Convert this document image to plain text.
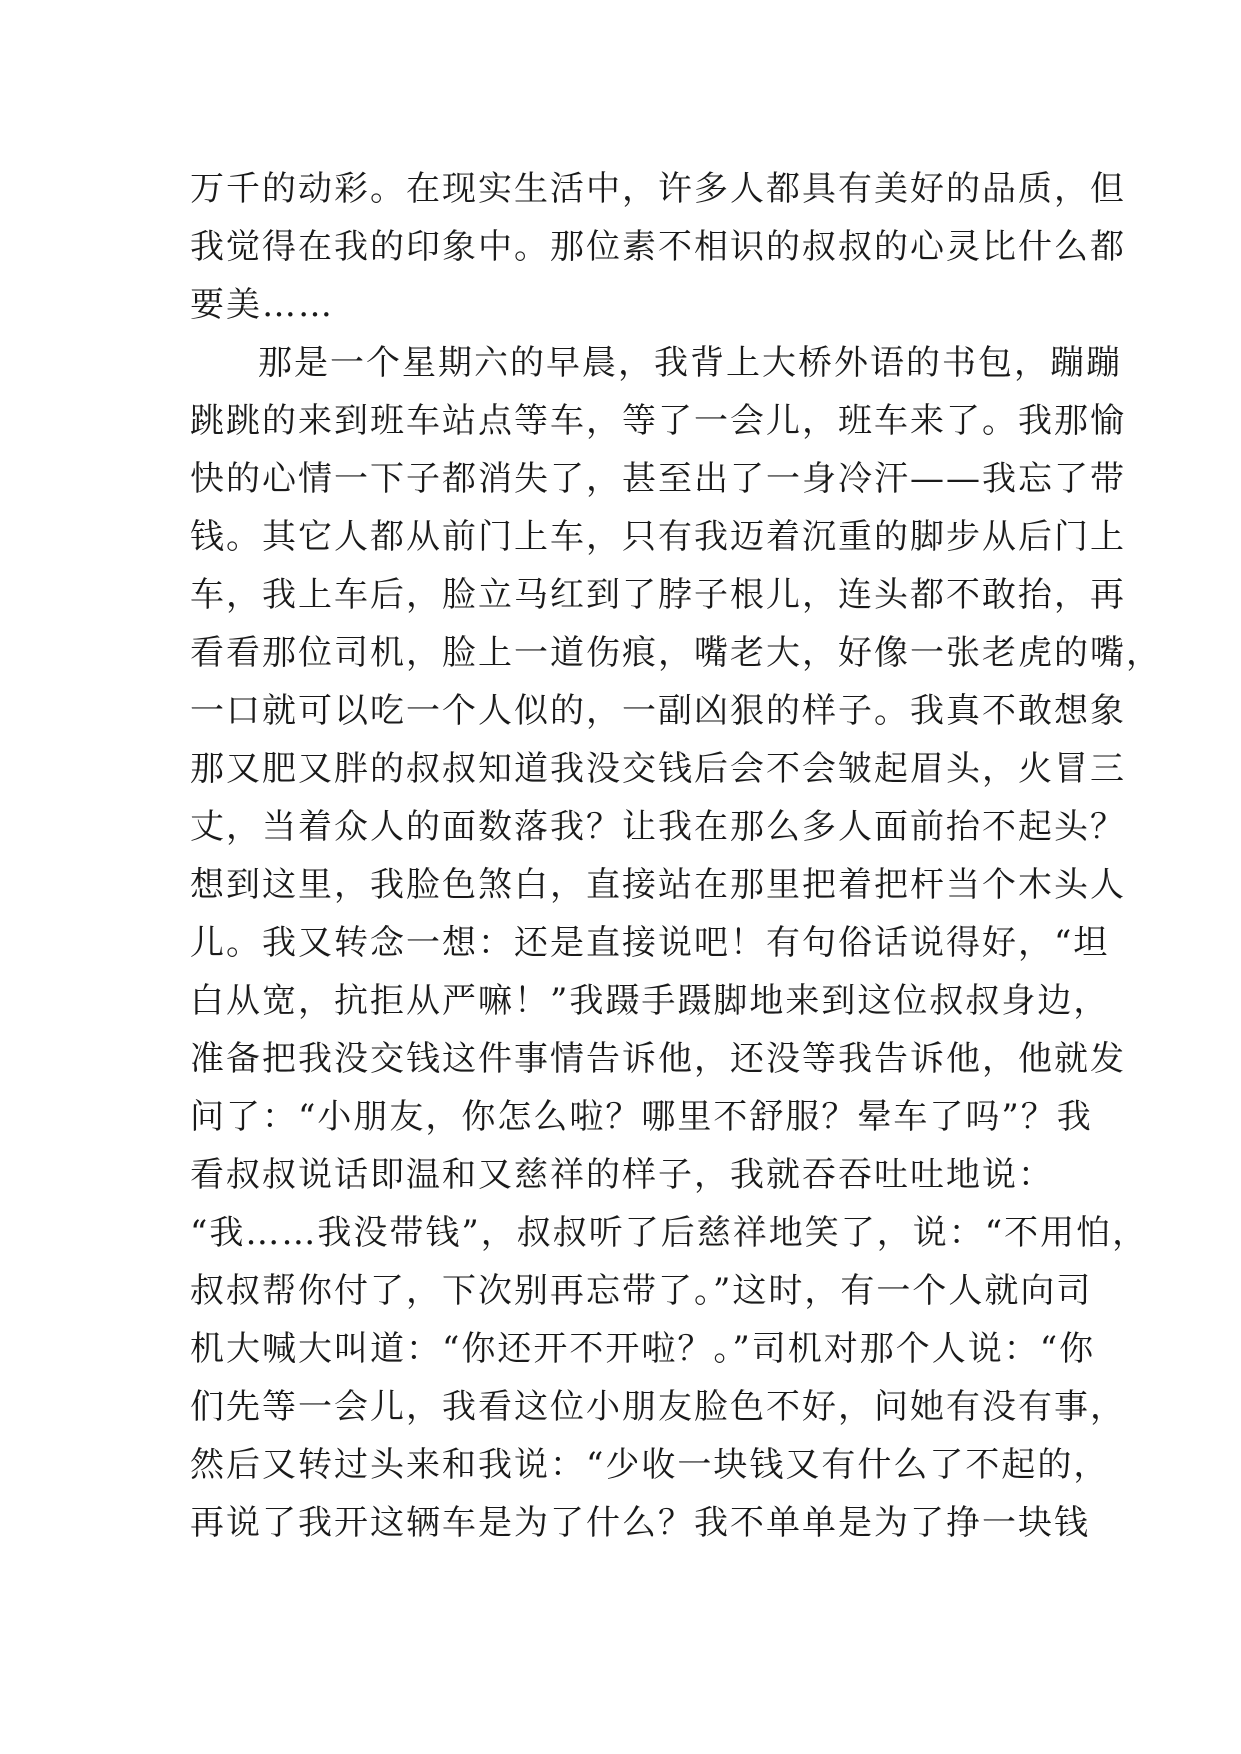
万千的动彩。在现实生活中，许多人都具有美好的品质，但
我觉得在我的印象中。那位素不相识的叔叔的心灵比什么都
要美……
那是一个星期六的早晨，我背上大桥外语的书包，蹦蹦
跳跳的来到班车站点等车，等了一会儿，班车来了。我那愉
快的心情一下子都消失了，甚至出了一身冷汗——我忘了带
钱。其它人都从前门上车，只有我迈着沉重的脚步从后门上
车，我上车后，脸立马红到了脖子根儿，连头都不敢抬，再
看看那位司机，脸上一道伤痕，嘴老大，好像一张老虎的嘴，
一口就可以吃一个人似的，一副凶狠的样子。我真不敢想象
那又肥又胖的叔叔知道我没交钱后会不会皱起眉头，火冒三
丈，当着众人的面数落我？让我在那么多人面前抬不起头？
想到这里，我脸色煞白，直接站在那里把着把杆当个木头人
儿。我又转念一想：还是直接说吧！有句俗话说得好，“坦
白从宽，抗拒从严嘛！”我蹑手蹑脚地来到这位叔叔身边，
准备把我没交钱这件事情告诉他，还没等我告诉他，他就发
问了：“小朋友，你怎么啦？哪里不舒服？晕车了吗”？我
看叔叔说话即温和又慈祥的样子，我就吞吞吐吐地说：
“我……我没带钱”，叔叔听了后慈祥地笑了，说：“不用怕，
叔叔帮你付了，下次别再忘带了。”这时，有一个人就向司
机大喊大叫道：“你还开不开啦？。”司机对那个人说：“你
们先等一会儿，我看这位小朋友脸色不好，问她有没有事，
然后又转过头来和我说：“少收一块钱又有什么了不起的，
再说了我开这辆车是为了什么？我不单单是为了挣一块钱
